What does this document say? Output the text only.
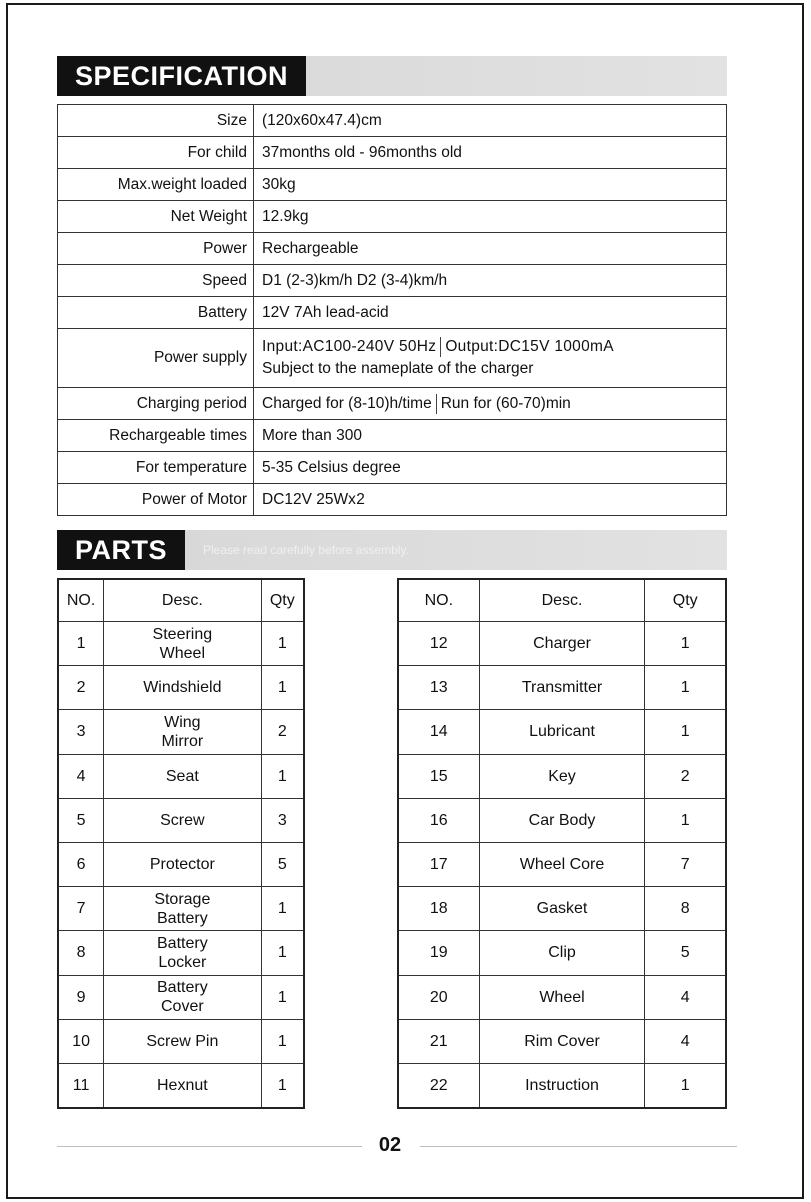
SPECIFICATION
Size	(120x60x47.4)cm
For child	37months old - 96months old
Max.weight loaded	30kg
Net Weight	12.9kg
Power	Rechargeable
Speed	D1 (2-3)km/h D2 (3-4)km/h
Battery	12V 7Ah lead-acid
Power supply	Input:AC100-240V 50Hz Output:DC15V 1000mA
Subject to the nameplate of the charger

Charging period	Charged for (8-10)h/time Run for (60-70)min
Rechargeable times	More than 300
For temperature	5-35 Celsius degree
Power of Motor	DC12V 25Wx2
PARTS	Please read carefully before assembly.
NO.	Desc.	Qty
1	Steering Wheel	1
2	Windshield	1
3	Wing Mirror	2
4	Seat	1
5	Screw	3
6	Protector	5
7	Storage Battery	1
8	Battery Locker	1
9	Battery Cover	1
10	Screw Pin	1
11	Hexnut	1
NO.	Desc.	Qty
12	Charger	1
13	Transmitter	1
14	Lubricant	1
15	Key	2
16	Car Body	1
17	Wheel Core	7
18	Gasket	8
19	Clip	5
20	Wheel	4
21	Rim Cover	4
22	Instruction	1
02
